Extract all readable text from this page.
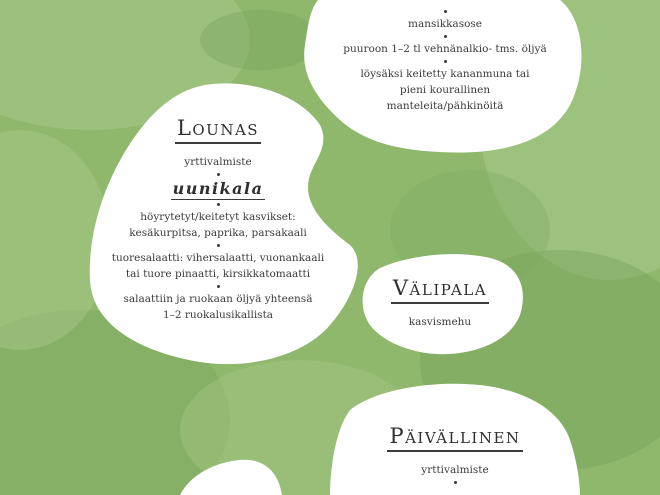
mansikkasose
puuroon 1–2 tl vehnänalkio- tms. öljyä
löysäksi keitetty kananmuna tai
pieni kourallinen
manteleita/pähkinöitä
Lounas
yrttivalmiste
uunikala
höyrytetyt/keitetyt kasvikset:
kesäkurpitsa, paprika, parsakaali
tuoresalaatti: vihersalaatti, vuonankaali
tai tuore pinaatti, kirsikkatomaatti
salaattiin ja ruokaan öljyä yhteensä
1–2 ruokalusikallista
Välipala
kasvismehu
Päivällinen
yrttivalmiste
